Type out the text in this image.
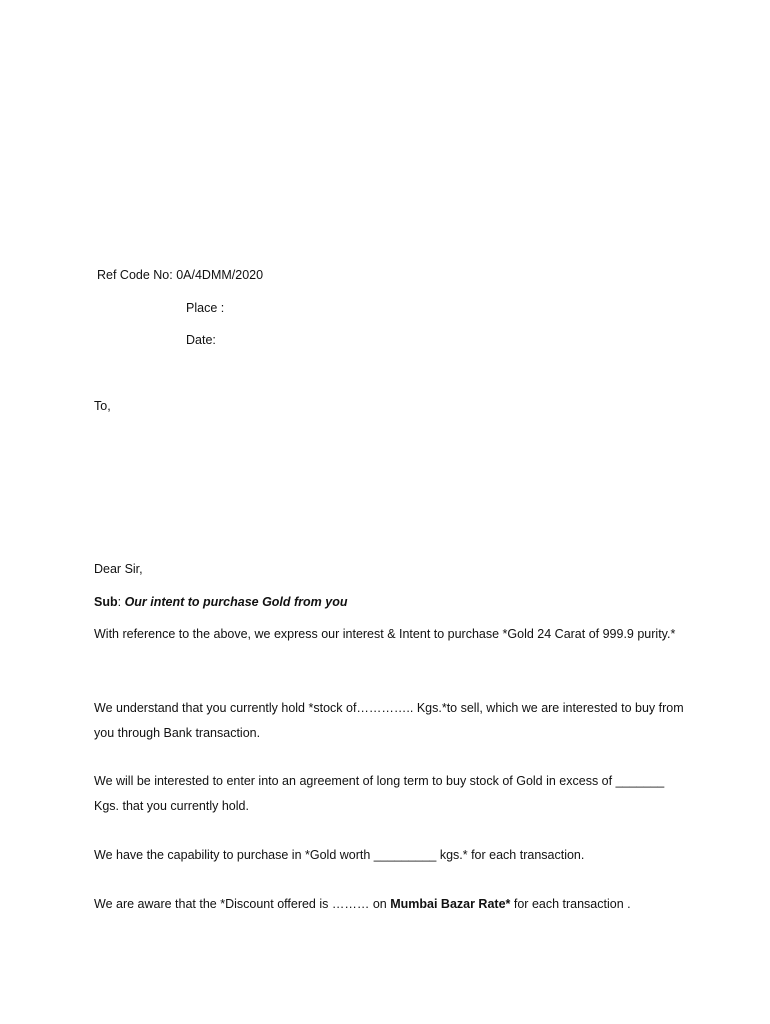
Ref Code No: 0A/4DMM/2020
Place :
Date:
To,
Dear Sir,
Sub: Our intent to purchase Gold from you
With reference to the above, we express our interest & Intent to purchase *Gold 24 Carat of 999.9 purity.*
We understand that you currently hold *stock of………….. Kgs.*to sell, which we are interested to buy from you through Bank transaction.
We will be interested to enter into an agreement of long term to buy stock of Gold in excess of _______ Kgs. that you currently hold.
We have the capability to purchase in *Gold worth _________ kgs.* for each transaction.
We are aware that the *Discount offered is ……… on Mumbai Bazar Rate* for each transaction .
